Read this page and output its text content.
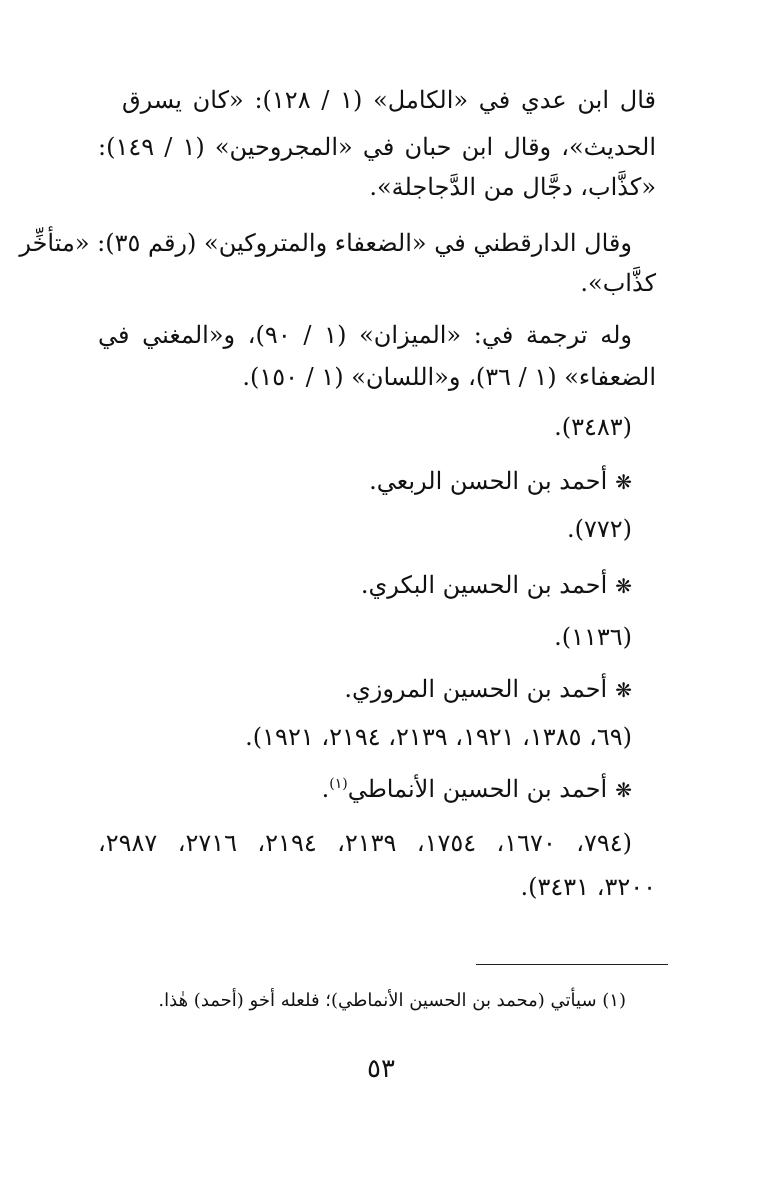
قال ابن عدي في «الكامل» (١ / ١٢٨): «كان يسرق
الحديث»، وقال ابن حبان في «المجروحين» (١ / ١٤٩):
«كذَّاب، دجَّال من الدَّجاجلة».
وقال الدارقطني في «الضعفاء والمتروكين» (رقم ٣٥): «متأخِّر
كذَّاب».
وله ترجمة في: «الميزان» (١ / ٩٠)، و«المغني في
الضعفاء» (١ / ٣٦)، و«اللسان» (١ / ١٥٠).
(٣٤٨٣).
❋أحمد بن الحسن الربعي.
(٧٧٢).
❋أحمد بن الحسين البكري.
(١١٣٦).
❋أحمد بن الحسين المروزي.
(٦٩، ١٣٨٥، ١٩٢١، ٢١٣٩، ٢١٩٤، ١٩٢١).
❋أحمد بن الحسين الأنماطي$^{(١)}$.
(٧٩٤، ١٦٧٠، ١٧٥٤، ٢١٣٩، ٢١٩٤، ٢٧١٦، ٢٩٨٧،
٣٢٠٠، ٣٤٣١).
(١) سيأتي (محمد بن الحسين الأنماطي)؛ فلعله أخو (أحمد) هٰذا.
٥٣
